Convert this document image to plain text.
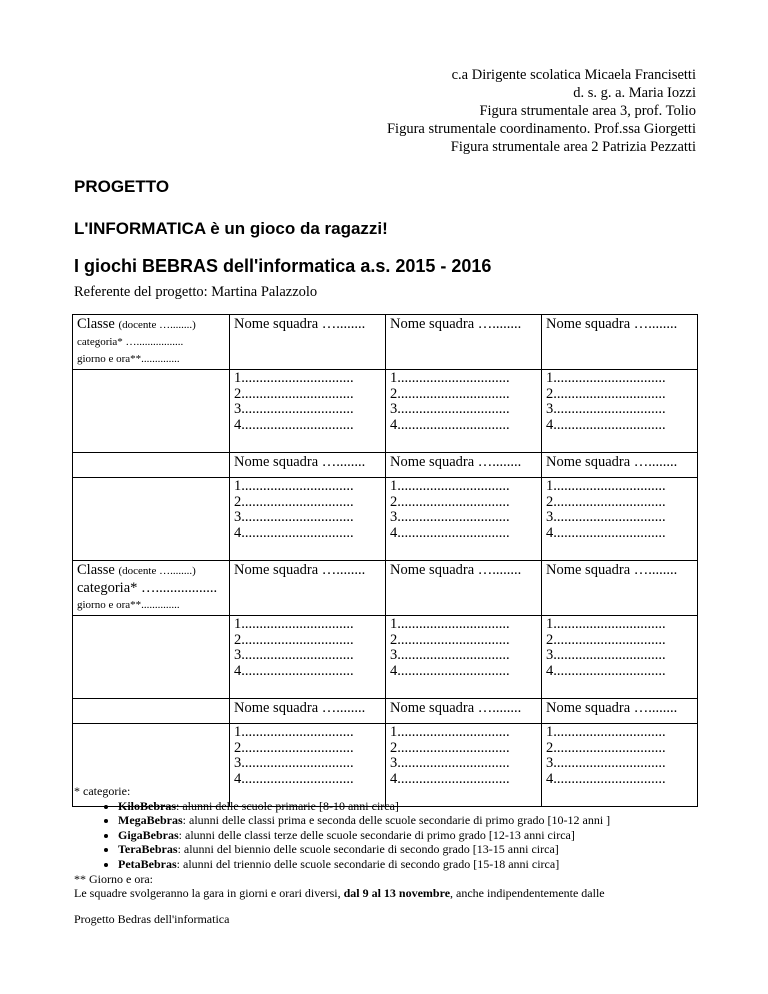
c.a Dirigente scolatica Micaela Francisetti
d. s. g. a. Maria Iozzi
Figura strumentale area 3, prof. Tolio
Figura strumentale coordinamento. Prof.ssa Giorgetti
Figura strumentale area 2 Patrizia Pezzatti
PROGETTO
L'INFORMATICA è un gioco da ragazzi!
I giochi BEBRAS dell'informatica a.s. 2015 - 2016
Referente del progetto: Martina Palazzolo
Classe (docente …........)
categoria* ….................
giorno e ora**..............	Nome squadra …........	Nome squadra …........	Nome squadra …........

	1...............................
2...............................
3...............................
4...............................	1...............................
2...............................
3...............................
4...............................	1...............................
2...............................
3...............................
4...............................

	Nome squadra …........	Nome squadra …........	Nome squadra …........

	1...............................
2...............................
3...............................
4...............................	1...............................
2...............................
3...............................
4...............................	1...............................
2...............................
3...............................
4...............................

Classe (docente …........)
categoria* ….................
giorno e ora**..............	Nome squadra …........	Nome squadra …........	Nome squadra …........

	1...............................
2...............................
3...............................
4...............................	1...............................
2...............................
3...............................
4...............................	1...............................
2...............................
3...............................
4...............................

	Nome squadra …........	Nome squadra …........	Nome squadra …........

	1...............................
2...............................
3...............................
4...............................	1...............................
2...............................
3...............................
4...............................	1...............................
2...............................
3...............................
4...............................
* categorie:
• KiloBebras: alunni delle scuole primarie [8-10 anni circa]
• MegaBebras: alunni delle classi prima e seconda delle scuole secondarie di primo grado [10-12 anni ]
• GigaBebras: alunni delle classi terze delle scuole secondarie di primo grado [12-13 anni circa]
• TeraBebras: alunni del biennio delle scuole secondarie di secondo grado [13-15 anni circa]
• PetaBebras: alunni del triennio delle scuole secondarie di secondo grado [15-18 anni circa]
** Giorno e ora:
Le squadre svolgeranno la gara in giorni e orari diversi, dal 9 al 13 novembre, anche indipendentemente dalle
Progetto Bedras dell'informatica
